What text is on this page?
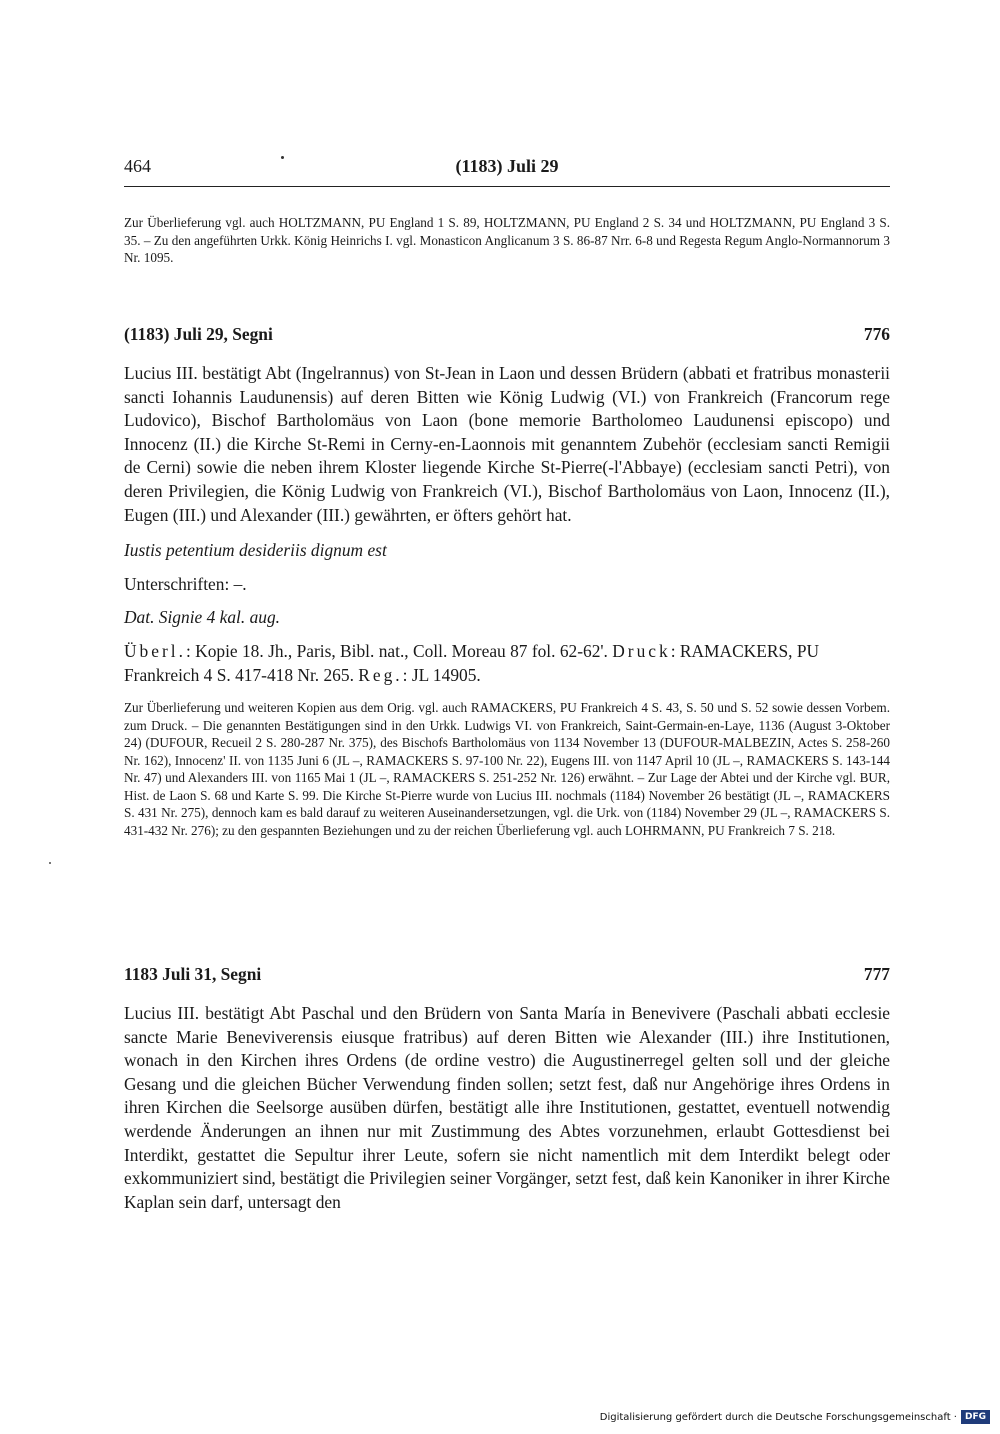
464	(1183) Juli 29
Zur Überlieferung vgl. auch HOLTZMANN, PU England 1 S. 89, HOLTZMANN, PU England 2 S. 34 und HOLTZMANN, PU England 3 S. 35. – Zu den angeführten Urkk. König Heinrichs I. vgl. Monasticon Anglicanum 3 S. 86-87 Nrr. 6-8 und Regesta Regum Anglo-Normannorum 3 Nr. 1095.
(1183) Juli 29, Segni	776

Lucius III. bestätigt Abt (Ingelrannus) von St-Jean in Laon und dessen Brüdern (abbati et fratribus monasterii sancti Iohannis Laudunensis) auf deren Bitten wie König Ludwig (VI.) von Frankreich (Francorum rege Ludovico), Bischof Bartholomäus von Laon (bone memorie Bartholomeo Laudunensi episcopo) und Innocenz (II.) die Kirche St-Remi in Cerny-en-Laonnois mit genanntem Zubehör (ecclesiam sancti Remigii de Cerni) sowie die neben ihrem Kloster liegende Kirche St-Pierre(-l'Abbaye) (ecclesiam sancti Petri), von deren Privilegien, die König Ludwig von Frankreich (VI.), Bischof Bartholomäus von Laon, Innocenz (II.), Eugen (III.) und Alexander (III.) gewährten, er öfters gehört hat.

Iustis petentium desideriis dignum est

Unterschriften: –.

Dat. Signie 4 kal. aug.

Überl.: Kopie 18. Jh., Paris, Bibl. nat., Coll. Moreau 87 fol. 62-62'. Druck: RAMACKERS, PU Frankreich 4 S. 417-418 Nr. 265. Reg.: JL 14905.

Zur Überlieferung und weiteren Kopien aus dem Orig. vgl. auch RAMACKERS, PU Frankreich 4 S. 43, S. 50 und S. 52 sowie dessen Vorbem. zum Druck. – Die genannten Bestätigungen sind in den Urkk. Ludwigs VI. von Frankreich, Saint-Germain-en-Laye, 1136 (August 3-Oktober 24) (DUFOUR, Recueil 2 S. 280-287 Nr. 375), des Bischofs Bartholomäus von 1134 November 13 (DUFOUR-MALBEZIN, Actes S. 258-260 Nr. 162), Innocenz' II. von 1135 Juni 6 (JL –, RAMACKERS S. 97-100 Nr. 22), Eugens III. von 1147 April 10 (JL –, RAMACKERS S. 143-144 Nr. 47) und Alexanders III. von 1165 Mai 1 (JL –, RAMACKERS S. 251-252 Nr. 126) erwähnt. – Zur Lage der Abtei und der Kirche vgl. BUR, Hist. de Laon S. 68 und Karte S. 99. Die Kirche St-Pierre wurde von Lucius III. nochmals (1184) November 26 bestätigt (JL –, RAMACKERS S. 431 Nr. 275), dennoch kam es bald darauf zu weiteren Auseinandersetzungen, vgl. die Urk. von (1184) November 29 (JL –, RAMACKERS S. 431-432 Nr. 276); zu den gespannten Beziehungen und zu der reichen Überlieferung vgl. auch LOHRMANN, PU Frankreich 7 S. 218.

1183 Juli 31, Segni	777

Lucius III. bestätigt Abt Paschal und den Brüdern von Santa María in Benevivere (Paschali abbati ecclesie sancte Marie Beneviverensis eiusque fratribus) auf deren Bitten wie Alexander (III.) ihre Institutionen, wonach in den Kirchen ihres Ordens (de ordine vestro) die Augustinerregel gelten soll und der gleiche Gesang und die gleichen Bücher Verwendung finden sollen; setzt fest, daß nur Angehörige ihres Ordens in ihren Kirchen die Seelsorge ausüben dürfen, bestätigt alle ihre Institutionen, gestattet, eventuell notwendig werdende Änderungen an ihnen nur mit Zustimmung des Abtes vorzunehmen, erlaubt Gottesdienst bei Interdikt, gestattet die Sepultur ihrer Leute, sofern sie nicht namentlich mit dem Interdikt belegt oder exkommuniziert sind, bestätigt die Privilegien seiner Vorgänger, setzt fest, daß kein Kanoniker in ihrer Kirche Kaplan sein darf, untersagt den

Digitalisierung gefördert durch die Deutsche Forschungsgemeinschaft · DFG
